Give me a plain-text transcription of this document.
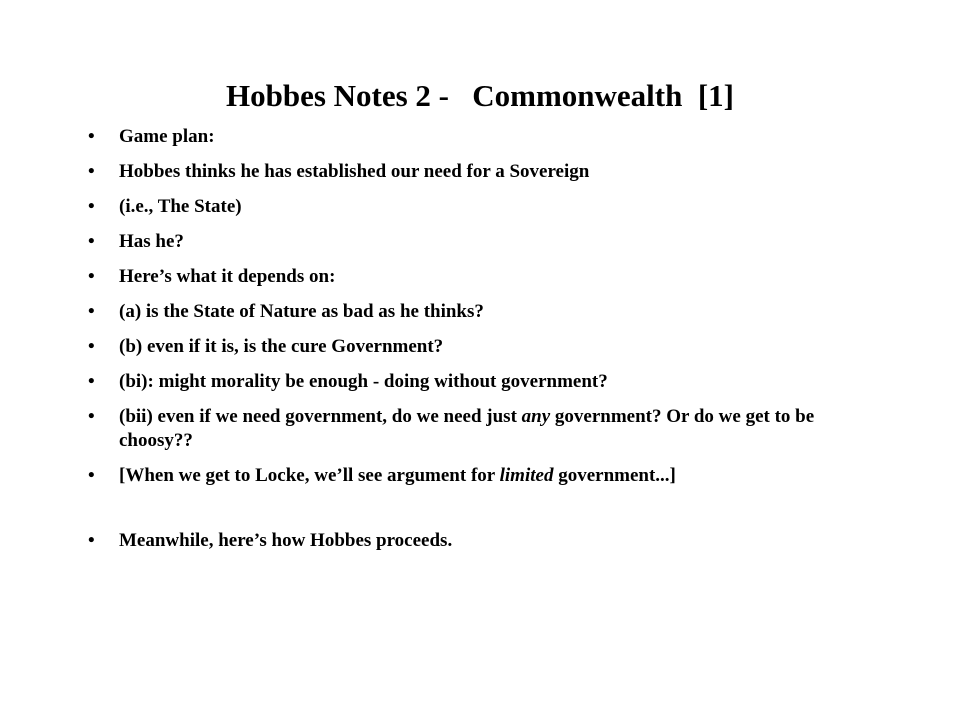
Hobbes Notes 2 -   Commonwealth  [1]
• Game plan:
• Hobbes thinks he has established our need for a Sovereign
• (i.e., The State)
• Has he?
• Here’s what it depends on:
• (a) is the State of Nature as bad as he thinks?
• (b) even if it is, is the cure Government?
• (bi): might morality be enough - doing without government?
• (bii) even if we need government, do we need just any government? Or do we get to be choosy??
• [When we get to Locke, we’ll see argument for limited government...]
• Meanwhile, here’s how Hobbes proceeds.
